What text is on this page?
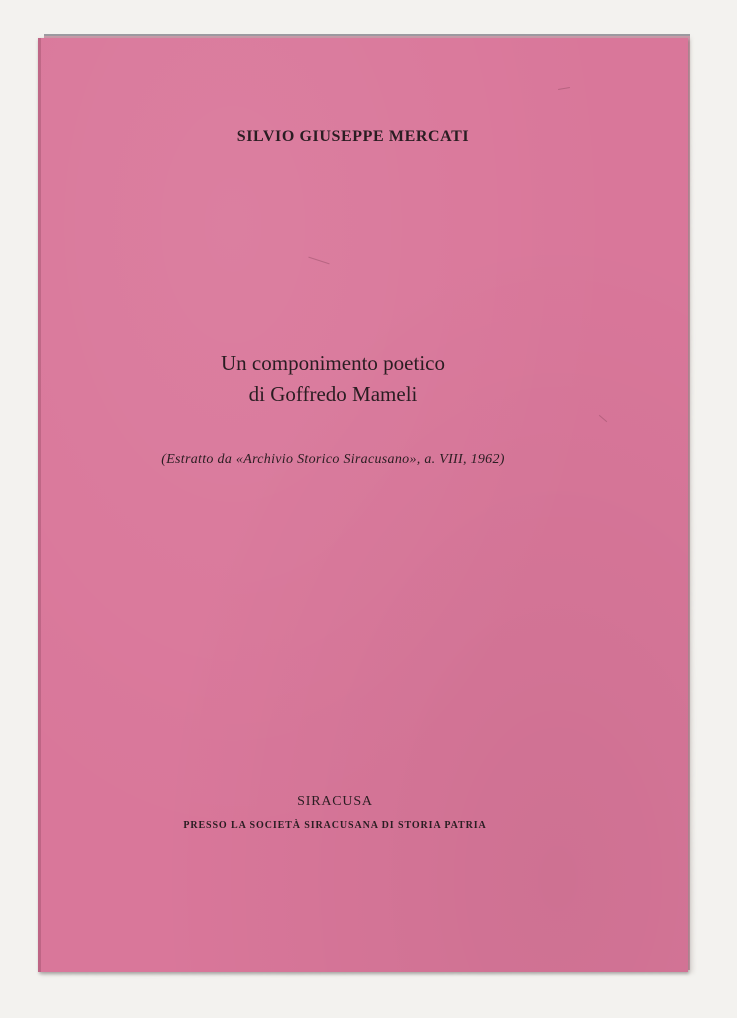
SILVIO GIUSEPPE MERCATI

Un componimento poetico
di Goffredo Mameli

(Estratto da «Archivio Storico Siracusano», a. VIII, 1962)

SIRACUSA

PRESSO LA SOCIETÀ SIRACUSANA DI STORIA PATRIA
